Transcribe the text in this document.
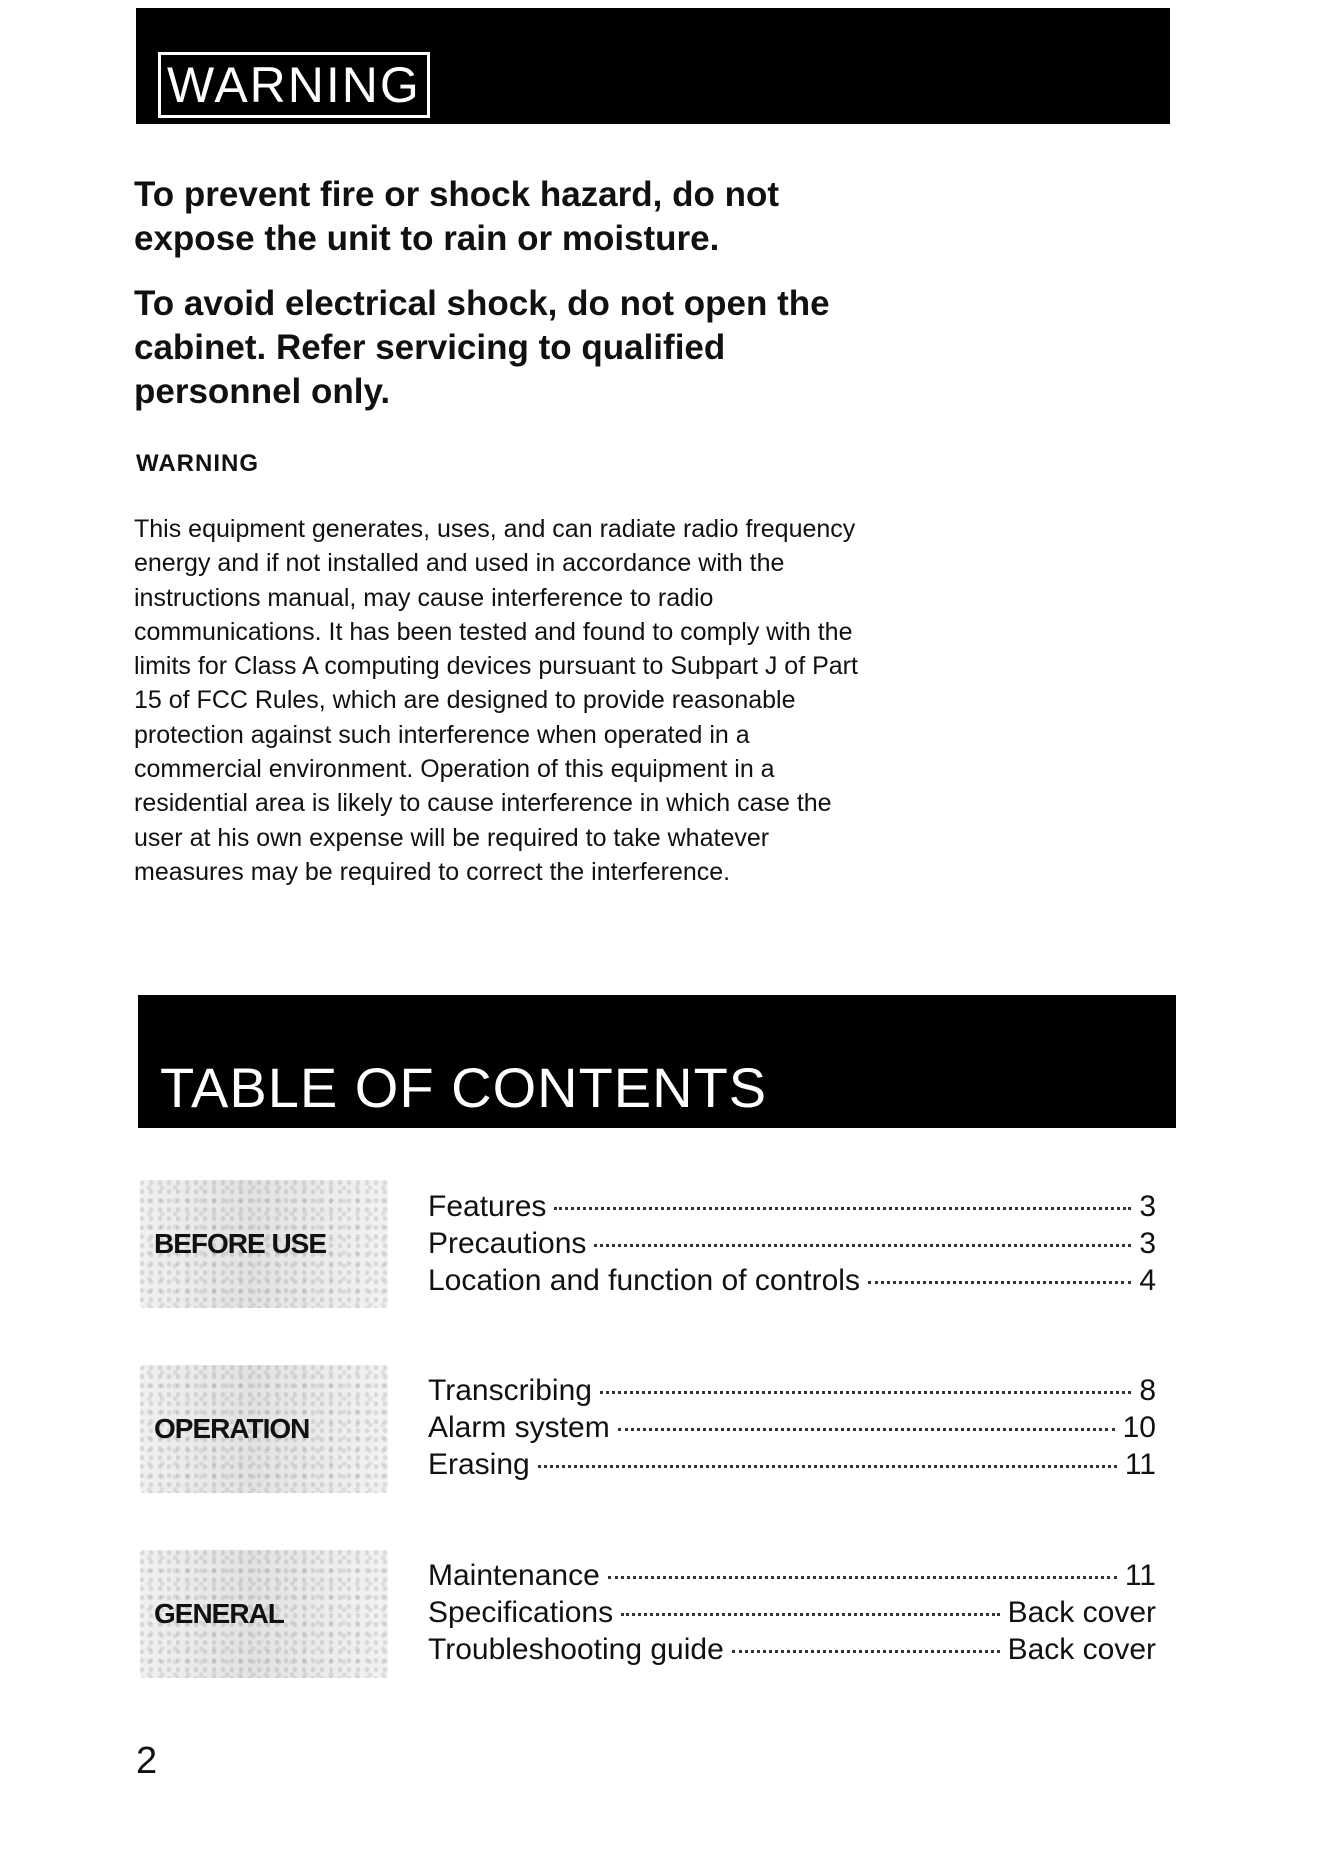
WARNING

To prevent fire or shock hazard, do not expose the unit to rain or moisture.

To avoid electrical shock, do not open the cabinet. Refer servicing to qualified personnel only.

WARNING

This equipment generates, uses, and can radiate radio frequency energy and if not installed and used in accordance with the instructions manual, may cause interference to radio communications. It has been tested and found to comply with the limits for Class A computing devices pursuant to Subpart J of Part 15 of FCC Rules, which are designed to provide reasonable protection against such interference when operated in a commercial environment. Operation of this equipment in a residential area is likely to cause interference in which case the user at his own expense will be required to take whatever measures may be required to correct the interference.

TABLE OF CONTENTS
BEFORE USE
Features	3
Precautions	3
Location and function of controls	4
OPERATION
Transcribing	8
Alarm system	10
Erasing	11
GENERAL
Maintenance	11
Specifications	Back cover
Troubleshooting guide	Back cover

2
